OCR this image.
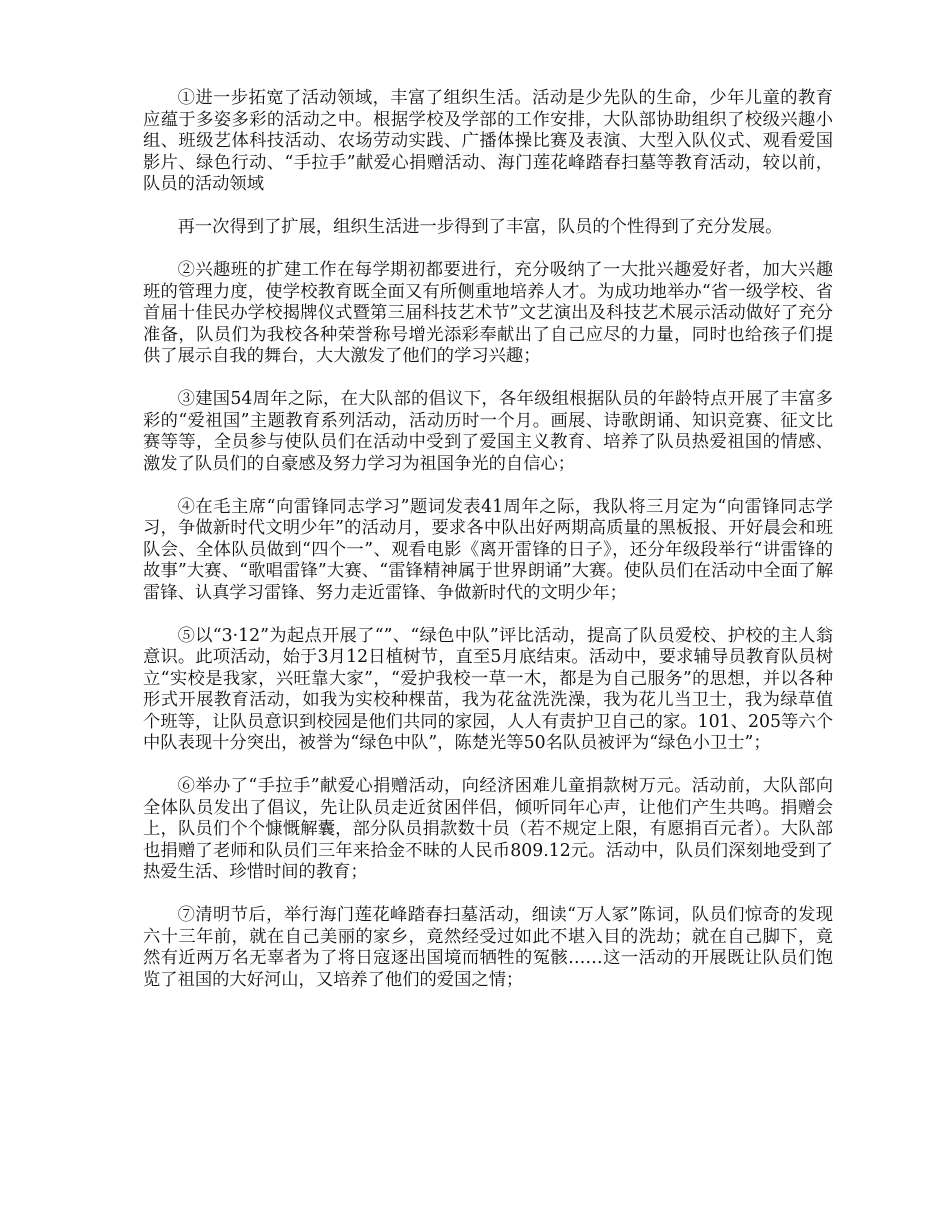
①进一步拓宽了活动领域，丰富了组织生活。活动是少先队的生命，少年儿童的教育应蕴于多姿多彩的活动之中。根据学校及学部的工作安排，大队部协助组织了校级兴趣小组、班级艺体科技活动、农场劳动实践、广播体操比赛及表演、大型入队仪式、观看爱国影片、绿色行动、“手拉手”献爱心捐赠活动、海门莲花峰踏春扫墓等教育活动，较以前，队员的活动领域

再一次得到了扩展，组织生活进一步得到了丰富，队员的个性得到了充分发展。

②兴趣班的扩建工作在每学期初都要进行，充分吸纳了一大批兴趣爱好者，加大兴趣班的管理力度，使学校教育既全面又有所侧重地培养人才。为成功地举办“省一级学校、省首届十佳民办学校揭牌仪式暨第三届科技艺术节”文艺演出及科技艺术展示活动做好了充分准备，队员们为我校各种荣誉称号增光添彩奉献出了自己应尽的力量，同时也给孩子们提供了展示自我的舞台，大大激发了他们的学习兴趣；

③建国54周年之际，在大队部的倡议下，各年级组根据队员的年龄特点开展了丰富多彩的“爱祖国”主题教育系列活动，活动历时一个月。画展、诗歌朗诵、知识竞赛、征文比赛等等，全员参与使队员们在活动中受到了爱国主义教育、培养了队员热爱祖国的情感、激发了队员们的自豪感及努力学习为祖国争光的自信心；

④在毛主席“向雷锋同志学习”题词发表41周年之际，我队将三月定为“向雷锋同志学习，争做新时代文明少年”的活动月，要求各中队出好两期高质量的黑板报、开好晨会和班队会、全体队员做到“四个一”、观看电影《离开雷锋的日子》，还分年级段举行“讲雷锋的故事”大赛、“歌唱雷锋”大赛、“雷锋精神属于世界朗诵”大赛。使队员们在活动中全面了解雷锋、认真学习雷锋、努力走近雷锋、争做新时代的文明少年；

⑤以“3·12”为起点开展了“”、“绿色中队”评比活动，提高了队员爱校、护校的主人翁意识。此项活动，始于3月12日植树节，直至5月底结束。活动中，要求辅导员教育队员树立“实校是我家，兴旺靠大家”，“爱护我校一草一木，都是为自己服务”的思想，并以各种形式开展教育活动，如我为实校种棵苗，我为花盆洗洗澡，我为花儿当卫士，我为绿草值个班等，让队员意识到校园是他们共同的家园，人人有责护卫自己的家。101、205等六个中队表现十分突出，被誉为“绿色中队”，陈楚光等50名队员被评为“绿色小卫士”；

⑥举办了“手拉手”献爱心捐赠活动，向经济困难儿童捐款树万元。活动前，大队部向全体队员发出了倡议，先让队员走近贫困伴侣，倾听同年心声，让他们产生共鸣。捐赠会上，队员们个个慷慨解囊，部分队员捐款数十员（若不规定上限，有愿捐百元者）。大队部也捐赠了老师和队员们三年来拾金不昧的人民币809.12元。活动中，队员们深刻地受到了热爱生活、珍惜时间的教育；

⑦清明节后，举行海门莲花峰踏春扫墓活动，细读“万人冢”陈词，队员们惊奇的发现六十三年前，就在自己美丽的家乡，竟然经受过如此不堪入目的洗劫；就在自己脚下，竟然有近两万名无辜者为了将日寇逐出国境而牺牲的冤骸……这一活动的开展既让队员们饱览了祖国的大好河山，又培养了他们的爱国之情；
